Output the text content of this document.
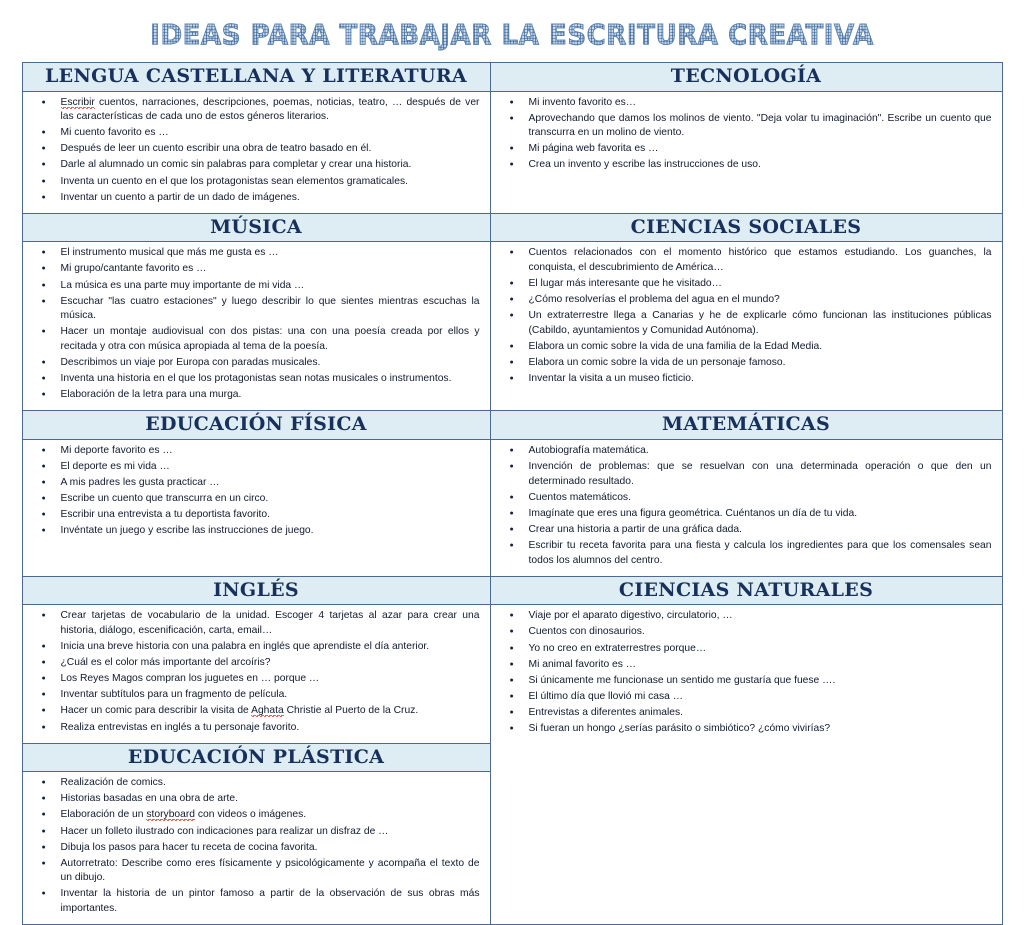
IDEAS PARA TRABAJAR LA ESCRITURA CREATIVA
LENGUA CASTELLANA Y LITERATURA
● Escribir cuentos, narraciones, descripciones, poemas, noticias, teatro, … después de ver las características de cada uno de estos géneros literarios.
● Mi cuento favorito es …
● Después de leer un cuento escribir una obra de teatro basado en él.
● Darle al alumnado un comic sin palabras para completar y crear una historia.
● Inventa un cuento en el que los protagonistas sean elementos gramaticales.
● Inventar un cuento a partir de un dado de imágenes.

TECNOLOGÍA
● Mi invento favorito es…
● Aprovechando que damos los molinos de viento. "Deja volar tu imaginación". Escribe un cuento que transcurra en un molino de viento.
● Mi página web favorita es …
● Crea un invento y escribe las instrucciones de uso.

MÚSICA
● El instrumento musical que más me gusta es …
● Mi grupo/cantante favorito es …
● La música es una parte muy importante de mi vida …
● Escuchar "las cuatro estaciones" y luego describir lo que sientes mientras escuchas la música.
● Hacer un montaje audiovisual con dos pistas: una con una poesía creada por ellos y recitada y otra con música apropiada al tema de la poesía.
● Describimos un viaje por Europa con paradas musicales.
● Inventa una historia en el que los protagonistas sean notas musicales o instrumentos.
● Elaboración de la letra para una murga.

CIENCIAS SOCIALES
● Cuentos relacionados con el momento histórico que estamos estudiando. Los guanches, la conquista, el descubrimiento de América…
● El lugar más interesante que he visitado…
● ¿Cómo resolverías el problema del agua en el mundo?
● Un extraterrestre llega a Canarias y he de explicarle cómo funcionan las instituciones públicas (Cabildo, ayuntamientos y Comunidad Autónoma).
● Elabora un comic sobre la vida de una familia de la Edad Media.
● Elabora un comic sobre la vida de un personaje famoso.
● Inventar la visita a un museo ficticio.

EDUCACIÓN FÍSICA
● Mi deporte favorito es …
● El deporte es mi vida …
● A mis padres les gusta practicar …
● Escribe un cuento que transcurra en un circo.
● Escribir una entrevista a tu deportista favorito.
● Invéntate un juego y escribe las instrucciones de juego.

MATEMÁTICAS
● Autobiografía matemática.
● Invención de problemas: que se resuelvan con una determinada operación o que den un determinado resultado.
● Cuentos matemáticos.
● Imagínate que eres una figura geométrica. Cuéntanos un día de tu vida.
● Crear una historia a partir de una gráfica dada.
● Escribir tu receta favorita para una fiesta y calcula los ingredientes para que los comensales sean todos los alumnos del centro.

INGLÉS
● Crear tarjetas de vocabulario de la unidad. Escoger 4 tarjetas al azar para crear una historia, diálogo, escenificación, carta, email…
● Inicia una breve historia con una palabra en inglés que aprendiste el día anterior.
● ¿Cuál es el color más importante del arcoíris?
● Los Reyes Magos compran los juguetes en … porque …
● Inventar subtítulos para un fragmento de película.
● Hacer un comic para describir la visita de Aghata Christie al Puerto de la Cruz.
● Realiza entrevistas en inglés a tu personaje favorito.

CIENCIAS NATURALES
● Viaje por el aparato digestivo, circulatorio, …
● Cuentos con dinosaurios.
● Yo no creo en extraterrestres porque…
● Mi animal favorito es …
● Si únicamente me funcionase un sentido me gustaría que fuese ….
● El último día que llovió mi casa …
● Entrevistas a diferentes animales.
● Si fueran un hongo ¿serías parásito o simbiótico? ¿cómo vivirías?

EDUCACIÓN PLÁSTICA
● Realización de comics.
● Historias basadas en una obra de arte.
● Elaboración de un storyboard con videos o imágenes.
● Hacer un folleto ilustrado con indicaciones para realizar un disfraz de …
● Dibuja los pasos para hacer tu receta de cocina favorita.
● Autorretrato: Describe como eres físicamente y psicológicamente y acompaña el texto de un dibujo.
● Inventar la historia de un pintor famoso a partir de la observación de sus obras más importantes.
